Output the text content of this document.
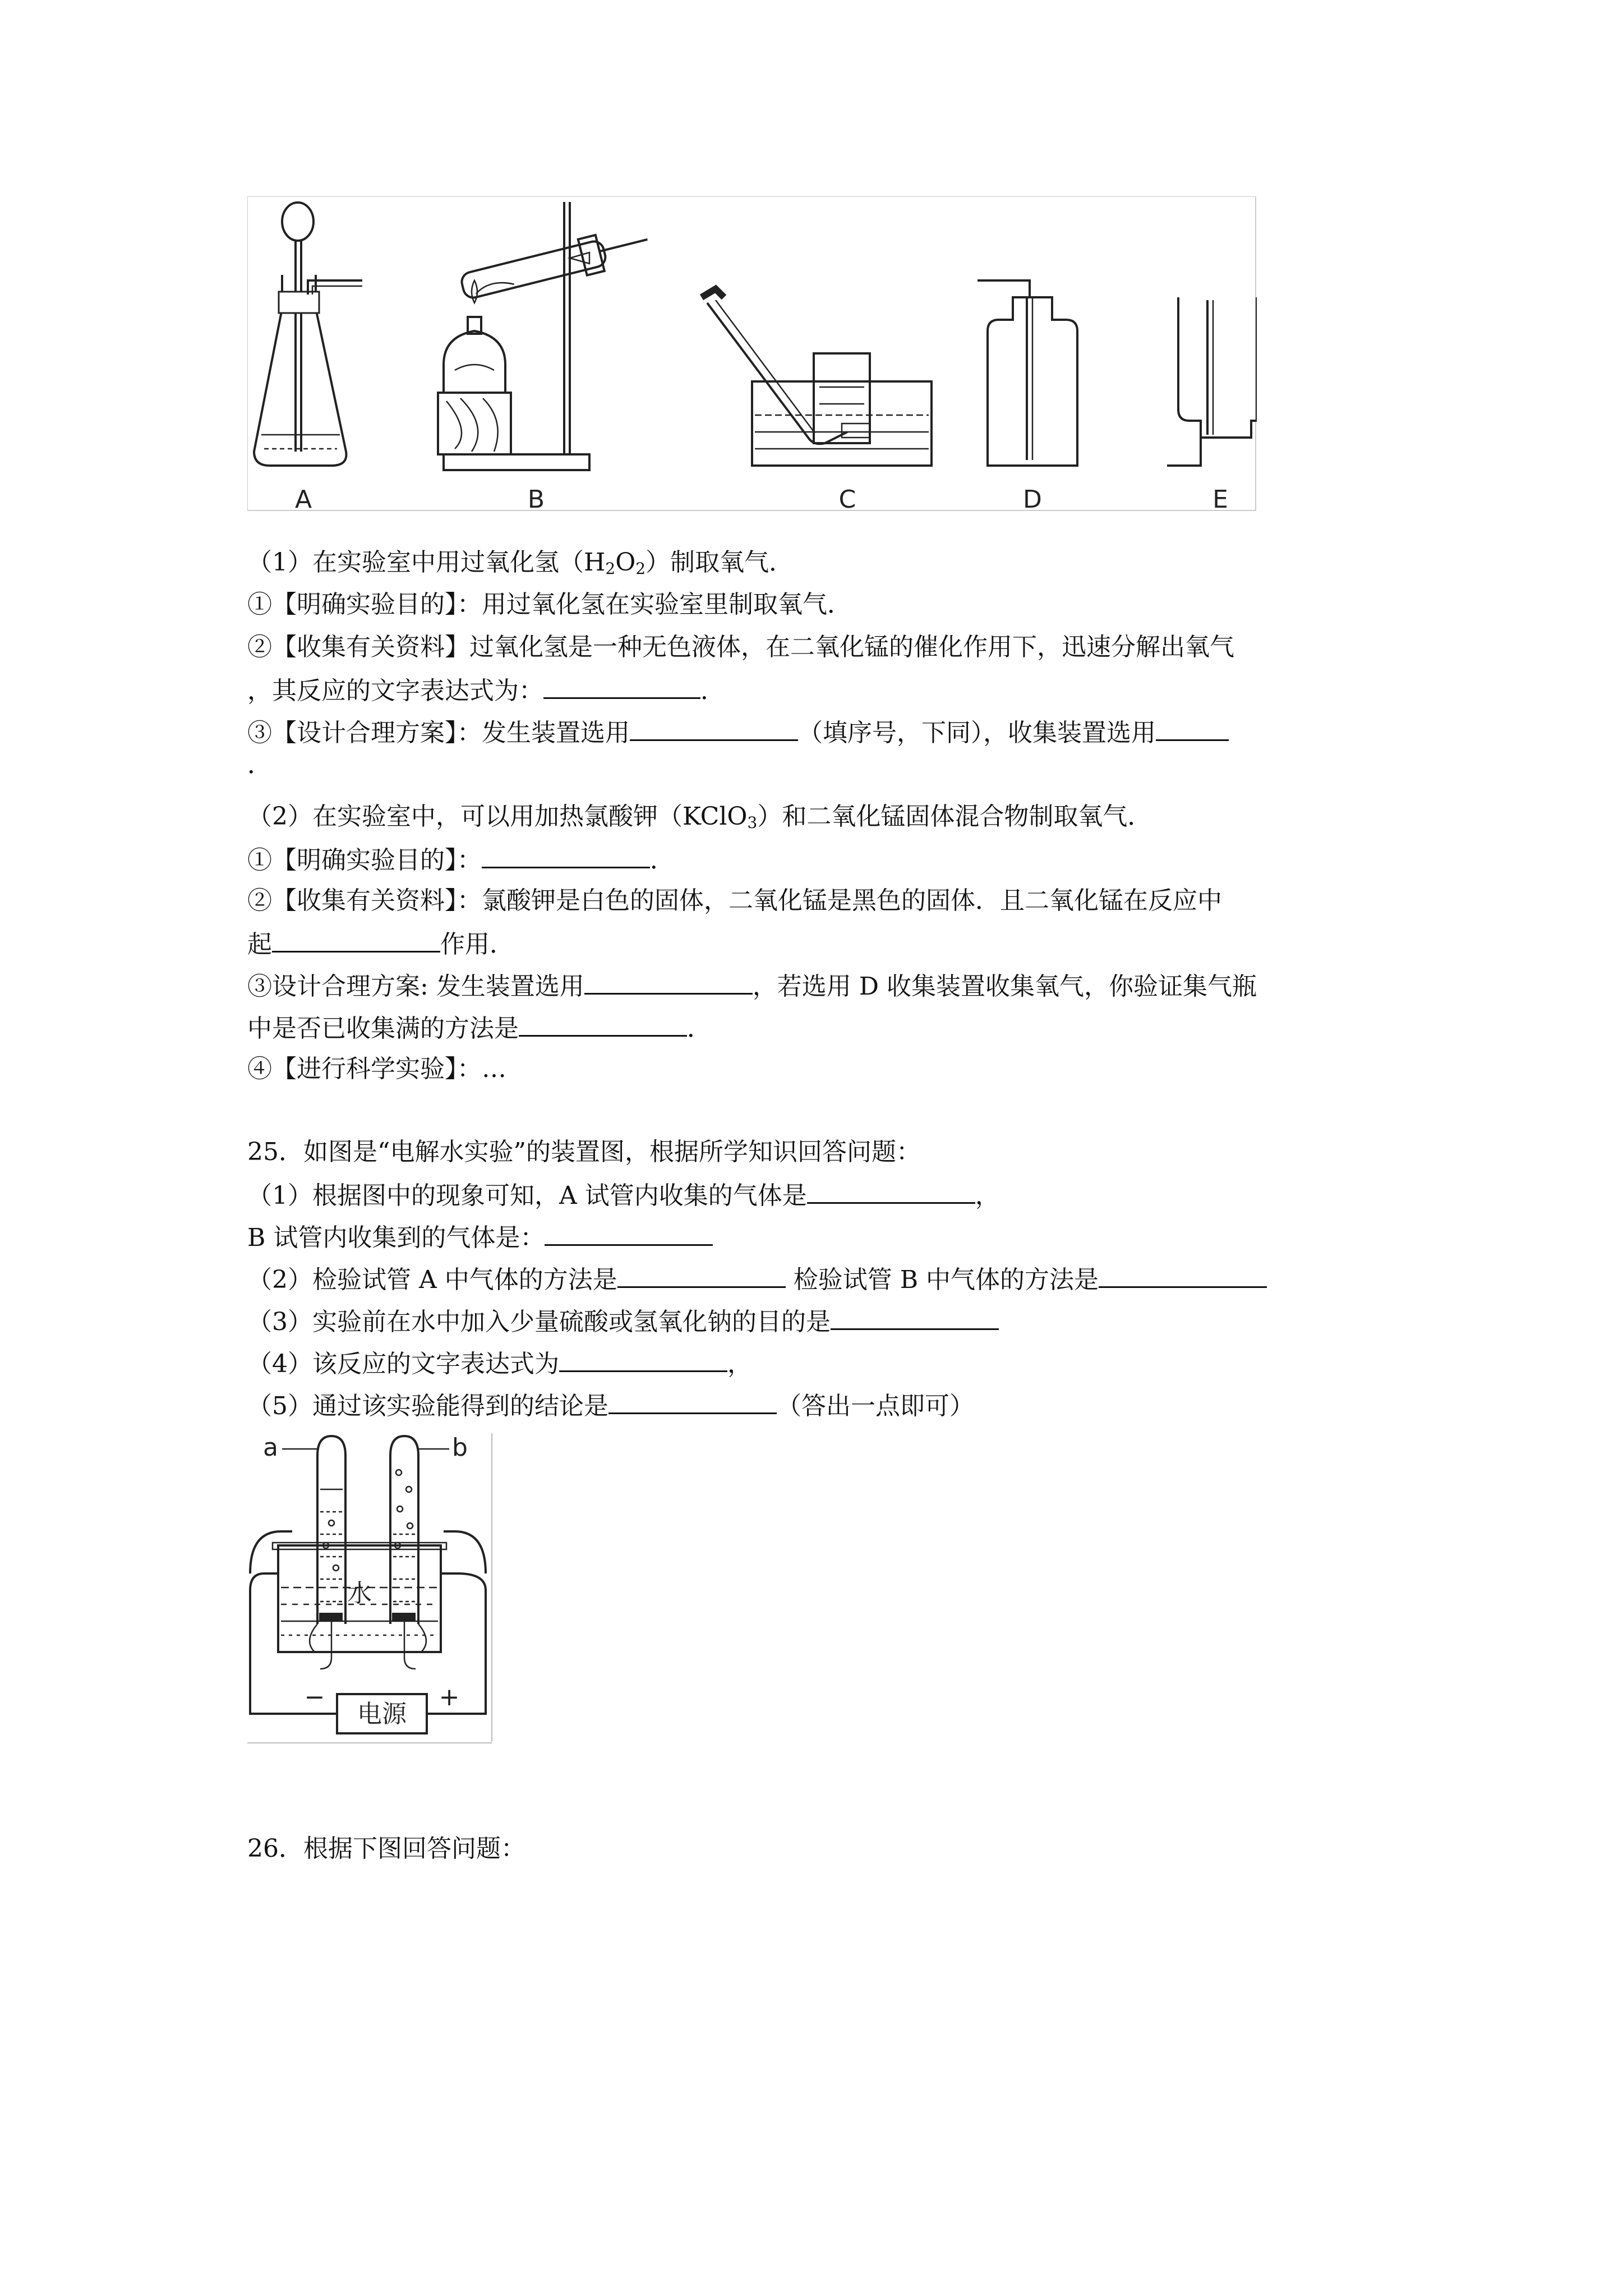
A	B	C	D	E
（1）在实验室中用过氧化氢$(H_2O_2)$制取氧气．
①【明确实验目的】：用过氧化氢在实验室里制取氧气．
②【收集有关资料】过氧化氢是一种无色液体，在二氧化锰的催化作用下，迅速分解出氧气
，其反应的文字表达式为：	．
③【设计合理方案】：发生装置选用	（填序号，下同），收集装置选用
．
（2）在实验室中，可以用加热氯酸钾（KClO$_3$）和二氧化锰固体混合物制取氧气．
①【明确实验目的】：	．
②【收集有关资料】：氯酸钾是白色的固体，二氧化锰是黑色的固体．且二氧化锰在反应中
起	作用．
③设计合理方案: 发生装置选用	，若选用 D 收集装置收集氧气，你验证集气瓶
中是否已收集满的方法是	．
④【进行科学实验】：…
25．如图是“电解水实验”的装置图，根据所学知识回答问题：
（1）根据图中的现象可知，A 试管内收集的气体是	，
B 试管内收集到的气体是：
（2）检验试管 A 中气体的方法是	检验试管 B 中气体的方法是
（3）实验前在水中加入少量硫酸或氢氧化钠的目的是
（4）该反应的文字表达式为	，
（5）通过该实验能得到的结论是	（答出一点即可）
电源
−	+
a	b
水
26．根据下图回答问题：
